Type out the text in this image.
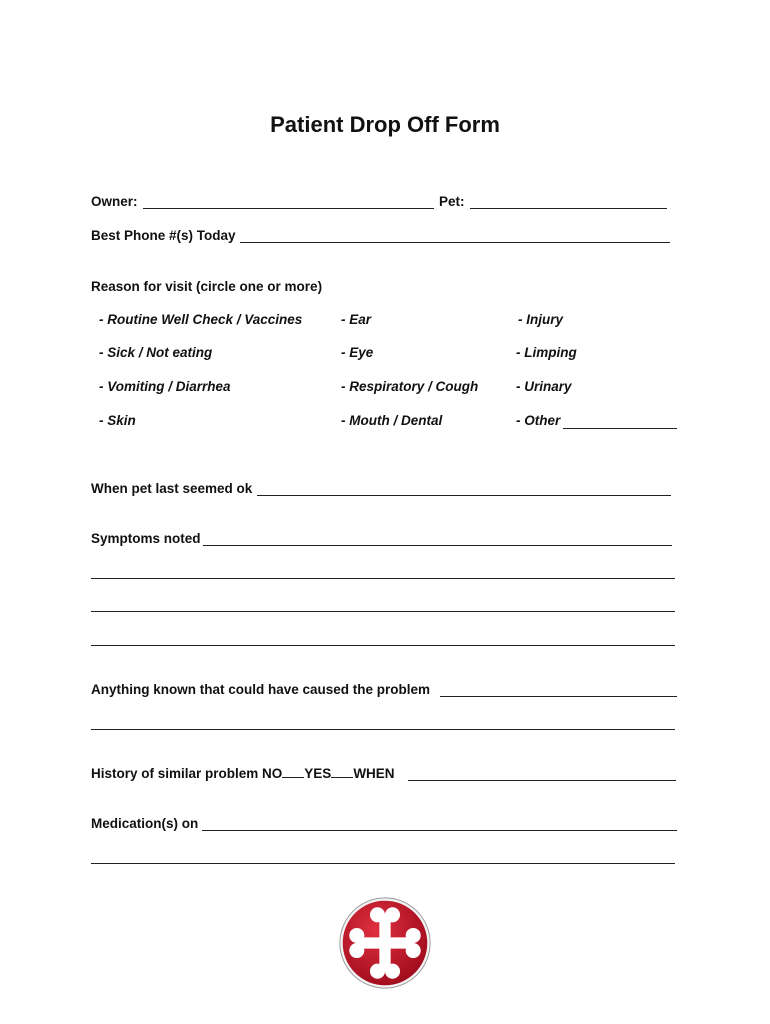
Patient Drop Off Form
Owner:	Pet:
Best Phone #(s) Today
Reason for visit (circle one or more)
- Routine Well Check / Vaccines	- Ear	- Injury
- Sick / Not eating	- Eye	- Limping
- Vomiting / Diarrhea	- Respiratory / Cough	- Urinary
- Skin	- Mouth / Dental	- Other
When pet last seemed ok
Symptoms noted
Anything known that could have caused the problem
History of similar problem NO YES WHEN
Medication(s) on
